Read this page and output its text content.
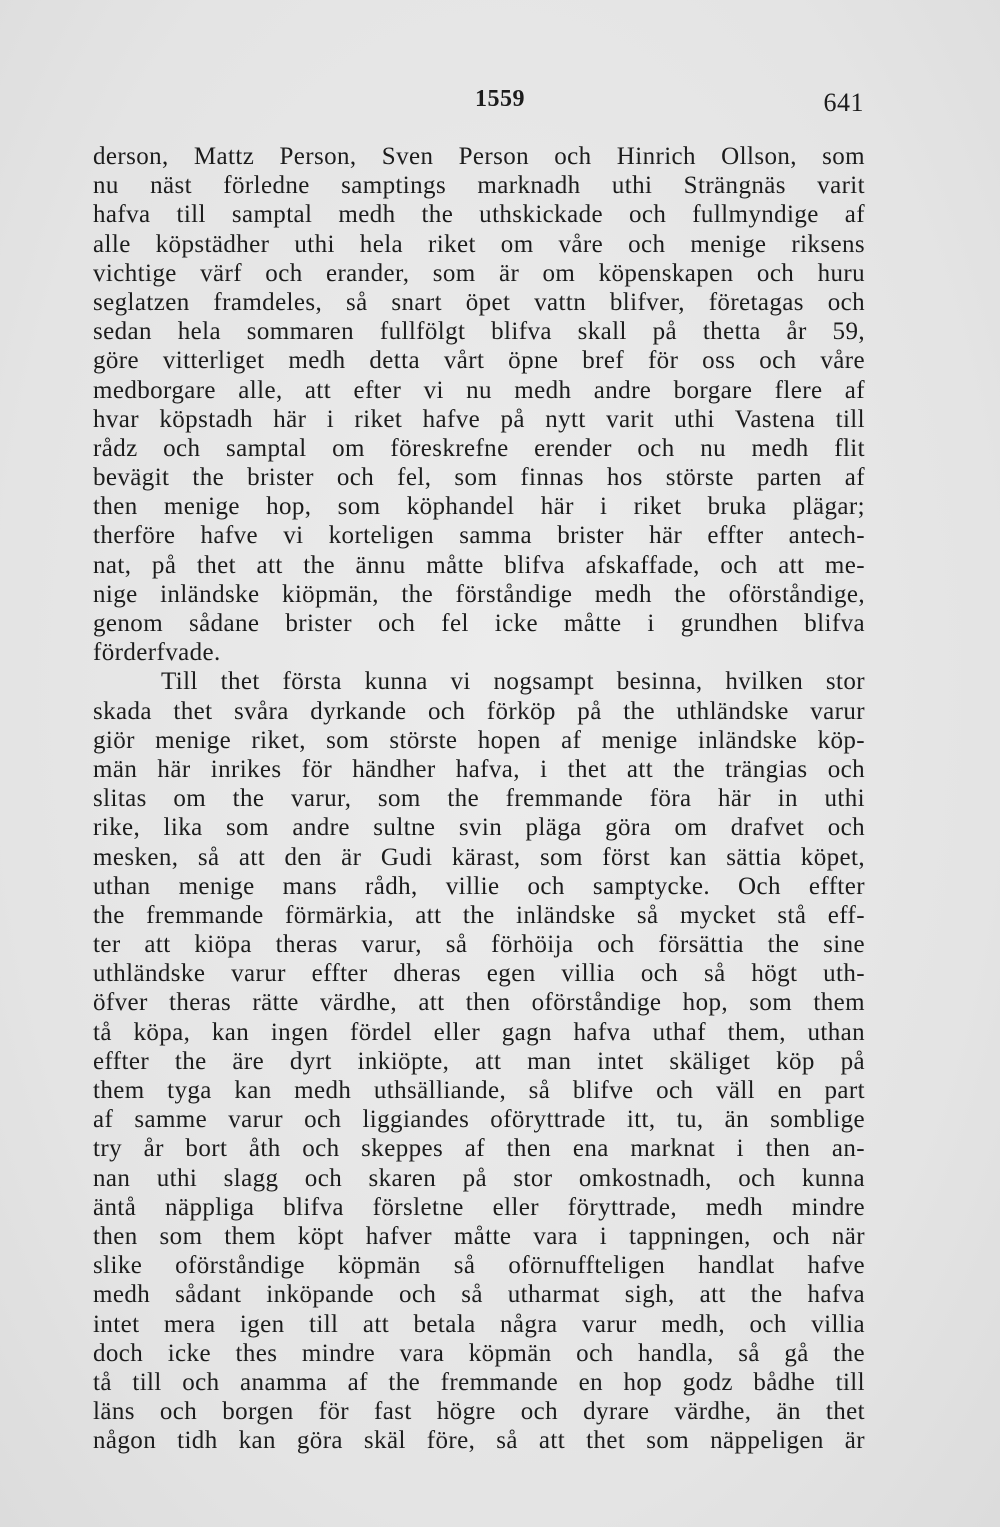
1559	641
derson, Mattz Person, Sven Person och Hinrich Ollson, som
nu näst förledne samptings marknadh uthi Strängnäs varit
hafva till samptal medh the uthskickade och fullmyndige af
alle köpstädher uthi hela riket om våre och menige riksens
vichtige värf och erander, som är om köpenskapen och huru
seglatzen framdeles, så snart öpet vattn blifver, företagas och
sedan hela sommaren fullfölgt blifva skall på thetta år 59,
göre vitterliget medh detta vårt öpne bref för oss och våre
medborgare alle, att efter vi nu medh andre borgare flere af
hvar köpstadh här i riket hafve på nytt varit uthi Vastena till
rådz och samptal om föreskrefne erender och nu medh flit
bevägit the brister och fel, som finnas hos störste parten af
then menige hop, som köphandel här i riket bruka plägar;
therföre hafve vi korteligen samma brister här effter antech-
nat, på thet att the ännu måtte blifva afskaffade, och att me-
nige inländske kiöpmän, the förståndige medh the oförståndige,
genom sådane brister och fel icke måtte i grundhen blifva
förderfvade.
Till thet första kunna vi nogsampt besinna, hvilken stor
skada thet svåra dyrkande och förköp på the uthländske varur
giör menige riket, som störste hopen af menige inländske köp-
män här inrikes för händher hafva, i thet att the trängias och
slitas om the varur, som the fremmande föra här in uthi
rike, lika som andre sultne svin pläga göra om drafvet och
mesken, så att den är Gudi kärast, som först kan sättia köpet,
uthan menige mans rådh, villie och samptycke. Och effter
the fremmande förmärkia, att the inländske så mycket stå eff-
ter att kiöpa theras varur, så förhöija och försättia the sine
uthländske varur effter dheras egen villia och så högt uth-
öfver theras rätte värdhe, att then oförståndige hop, som them
tå köpa, kan ingen fördel eller gagn hafva uthaf them, uthan
effter the äre dyrt inkiöpte, att man intet skäliget köp på
them tyga kan medh uthsälliande, så blifve och väll en part
af samme varur och liggiandes oföryttrade itt, tu, än somblige
try år bort åth och skeppes af then ena marknat i then an-
nan uthi slagg och skaren på stor omkostnadh, och kunna
äntå näppliga blifva försletne eller föryttrade, medh mindre
then som them köpt hafver måtte vara i tappningen, och när
slike oförståndige köpmän så oförnuffteligen handlat hafve
medh sådant inköpande och så utharmat sigh, att the hafva
intet mera igen till att betala några varur medh, och villia
doch icke thes mindre vara köpmän och handla, så gå the
tå till och anamma af the fremmande en hop godz bådhe till
läns och borgen för fast högre och dyrare värdhe, än thet
någon tidh kan göra skäl före, så att thet som näppeligen är
